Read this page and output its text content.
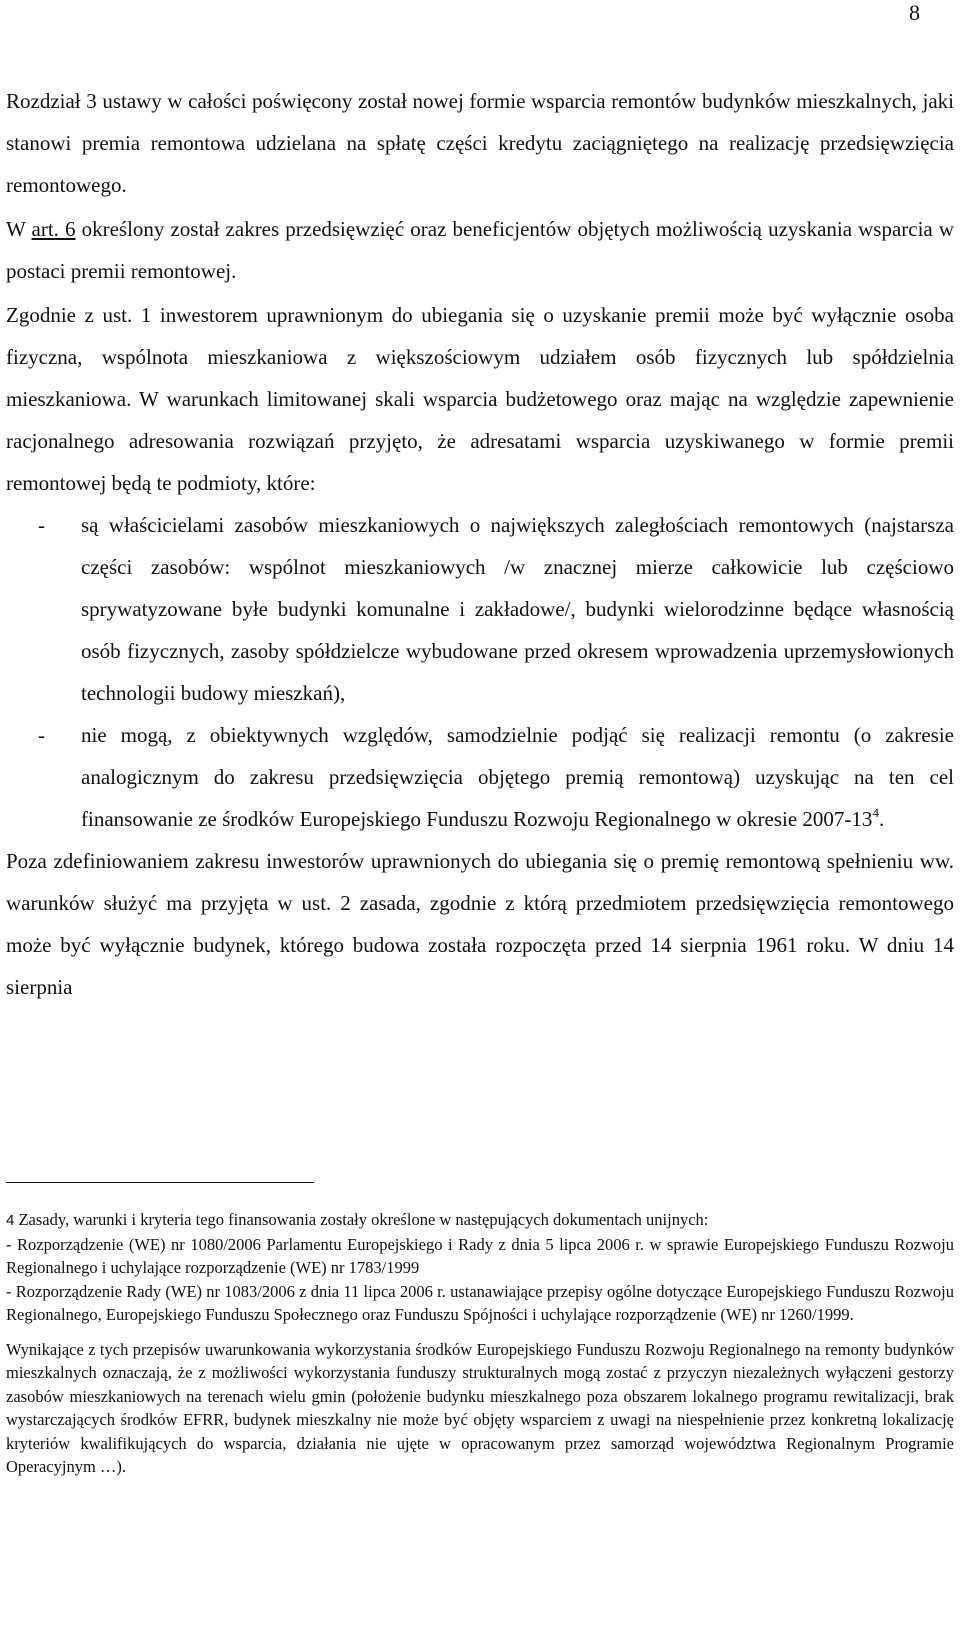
8

Rozdział 3 ustawy w całości poświęcony został nowej formie wsparcia remontów budynków mieszkalnych, jaki stanowi premia remontowa udzielana na spłatę części kredytu zaciągniętego na realizację przedsięwzięcia remontowego.

W art. 6 określony został zakres przedsięwzięć oraz beneficjentów objętych możliwością uzyskania wsparcia w postaci premii remontowej.

Zgodnie z ust. 1 inwestorem uprawnionym do ubiegania się o uzyskanie premii może być wyłącznie osoba fizyczna, wspólnota mieszkaniowa z większościowym udziałem osób fizycznych lub spółdzielnia mieszkaniowa. W warunkach limitowanej skali wsparcia budżetowego oraz mając na względzie zapewnienie racjonalnego adresowania rozwiązań przyjęto, że adresatami wsparcia uzyskiwanego w formie premii remontowej będą te podmioty, które:

- są właścicielami zasobów mieszkaniowych o największych zaległościach remontowych (najstarsza części zasobów: wspólnot mieszkaniowych /w znacznej mierze całkowicie lub częściowo sprywatyzowane byłe budynki komunalne i zakładowe/, budynki wielorodzinne będące własnością osób fizycznych, zasoby spółdzielcze wybudowane przed okresem wprowadzenia uprzemysłowionych technologii budowy mieszkań),
- nie mogą, z obiektywnych względów, samodzielnie podjąć się realizacji remontu (o zakresie analogicznym do zakresu przedsięwzięcia objętego premią remontową) uzyskując na ten cel finansowanie ze środków Europejskiego Funduszu Rozwoju Regionalnego w okresie $2007-13^4$.

Poza zdefiniowaniem zakresu inwestorów uprawnionych do ubiegania się o premię remontową spełnieniu ww. warunków służyć ma przyjęta w ust. 2 zasada, zgodnie z którą przedmiotem przedsięwzięcia remontowego może być wyłącznie budynek, którego budowa została rozpoczęta przed 14 sierpnia 1961 roku. W dniu 14 sierpnia

4 Zasady, warunki i kryteria tego finansowania zostały określone w następujących dokumentach unijnych:

- Rozporządzenie (WE) nr 1080/2006 Parlamentu Europejskiego i Rady z dnia 5 lipca 2006 r. w sprawie Europejskiego Funduszu Rozwoju Regionalnego i uchylające rozporządzenie (WE) nr 1783/1999

- Rozporządzenie Rady (WE) nr 1083/2006 z dnia 11 lipca 2006 r. ustanawiające przepisy ogólne dotyczące Europejskiego Funduszu Rozwoju Regionalnego, Europejskiego Funduszu Społecznego oraz Funduszu Spójności i uchylające rozporządzenie (WE) nr 1260/1999.

Wynikające z tych przepisów uwarunkowania wykorzystania środków Europejskiego Funduszu Rozwoju Regionalnego na remonty budynków mieszkalnych oznaczają, że z możliwości wykorzystania funduszy strukturalnych mogą zostać z przyczyn niezależnych wyłączeni gestorzy zasobów mieszkaniowych na terenach wielu gmin (położenie budynku mieszkalnego poza obszarem lokalnego programu rewitalizacji, brak wystarczających środków EFRR, budynek mieszkalny nie może być objęty wsparciem z uwagi na niespełnienie przez konkretną lokalizację kryteriów kwalifikujących do wsparcia, działania nie ujęte w opracowanym przez samorząd województwa Regionalnym Programie Operacyjnym …).
